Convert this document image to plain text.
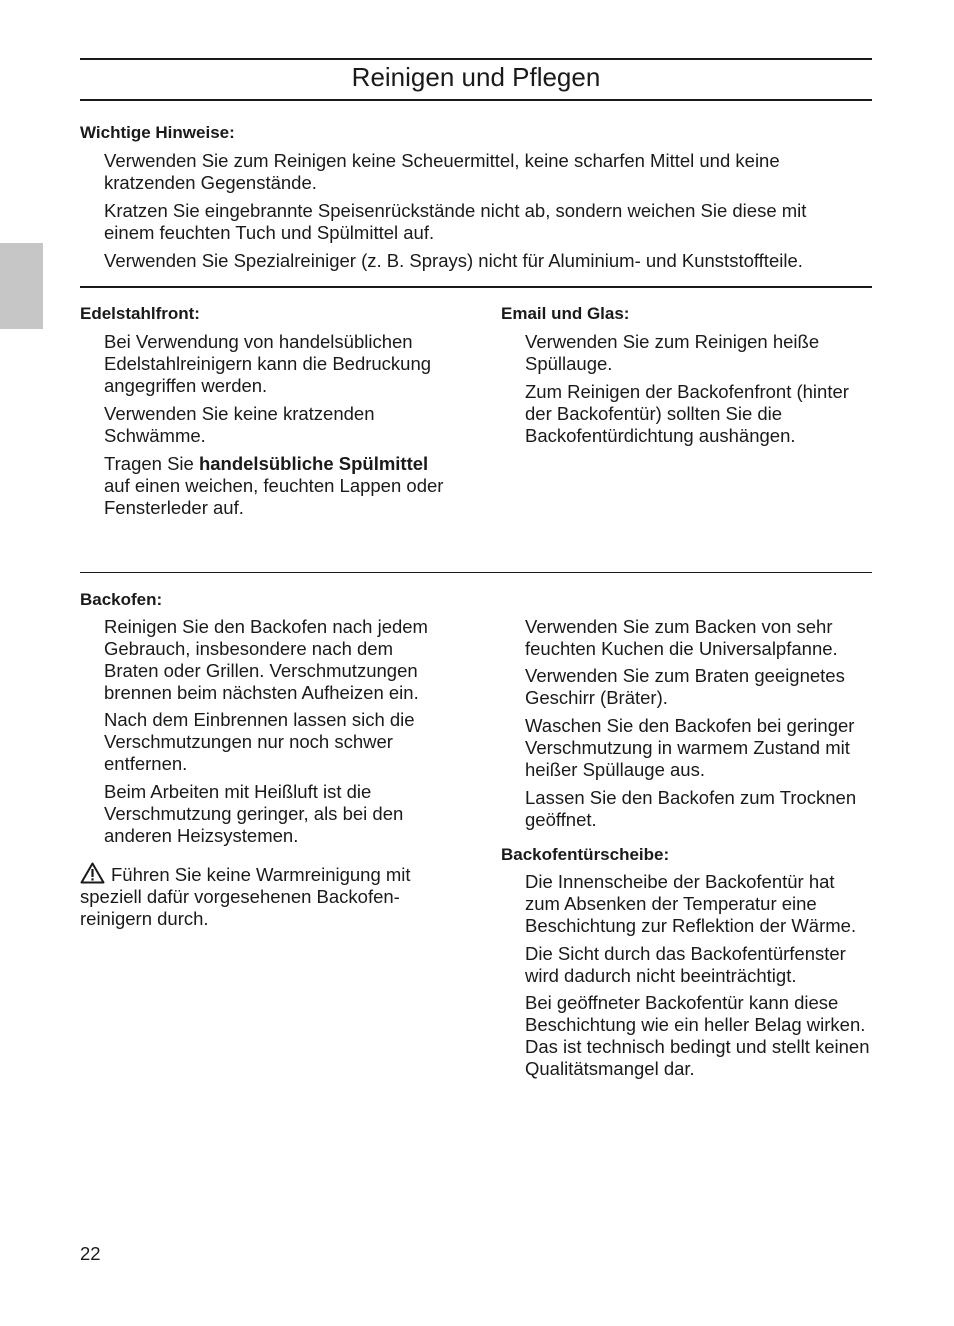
Reinigen und Pflegen
Wichtige Hinweise:

Verwenden Sie zum Reinigen keine Scheuermittel, keine scharfen Mittel und keine kratzenden Gegenstände.

Kratzen Sie eingebrannte Speisenrückstände nicht ab, sondern weichen Sie diese mit einem feuchten Tuch und Spülmittel auf.

Verwenden Sie Spezialreiniger (z. B. Sprays) nicht für Aluminium- und Kunststoffteile.

Edelstahlfront:

Bei Verwendung von handelsüblichen Edelstahlreinigern kann die Bedruckung angegriffen werden.

Verwenden Sie keine kratzenden Schwämme.

Tragen Sie handelsübliche Spülmittel auf einen weichen, feuchten Lappen oder Fensterleder auf.

Email und Glas:

Verwenden Sie zum Reinigen heiße Spüllauge.

Zum Reinigen der Backofenfront (hinter der Backofentür) sollten Sie die Backofentürdichtung aushängen.

Backofen:

Reinigen Sie den Backofen nach jedem Gebrauch, insbesondere nach dem Braten oder Grillen. Verschmutzungen brennen beim nächsten Aufheizen ein.

Nach dem Einbrennen lassen sich die Verschmutzungen nur noch schwer entfernen.

Beim Arbeiten mit Heißluft ist die Verschmutzung geringer, als bei den anderen Heizsystemen.

Führen Sie keine Warmreinigung mit speziell dafür vorgesehenen Backofen-reinigern durch.

Verwenden Sie zum Backen von sehr feuchten Kuchen die Universalpfanne.

Verwenden Sie zum Braten geeignetes Geschirr (Bräter).

Waschen Sie den Backofen bei geringer Verschmutzung in warmem Zustand mit heißer Spüllauge aus.

Lassen Sie den Backofen zum Trocknen geöffnet.

Backofentürscheibe:

Die Innenscheibe der Backofentür hat zum Absenken der Temperatur eine Beschichtung zur Reflektion der Wärme.

Die Sicht durch das Backofentürfenster wird dadurch nicht beeinträchtigt.

Bei geöffneter Backofentür kann diese Beschichtung wie ein heller Belag wirken. Das ist technisch bedingt und stellt keinen Qualitätsmangel dar.

22
